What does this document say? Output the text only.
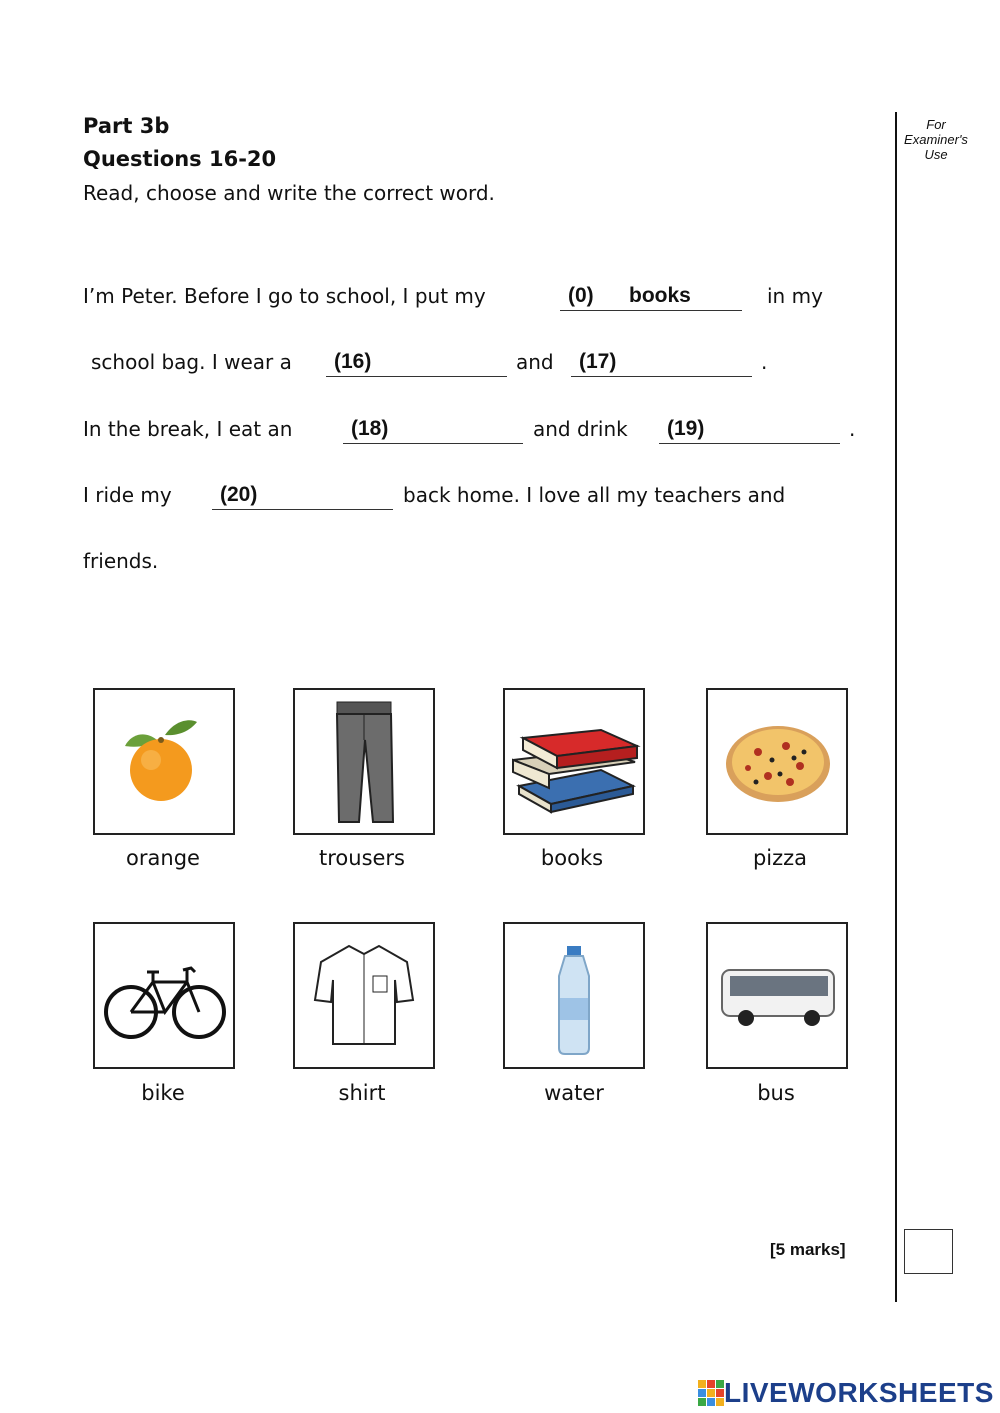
Part 3b
Questions 16-20
Read, choose and write the correct word.
For
Examiner's
Use
I’m Peter. Before I go to school, I put my	(0) books	in my
school bag. I wear a (16)	and (17)	.
In the break, I eat an	(18)	and drink (19)	.
I ride my (20)	back home. I love all my teachers and
friends.
orange	trousers	books	pizza
bike	shirt	water	bus
[5 marks]
LIVEWORKSHEETS
